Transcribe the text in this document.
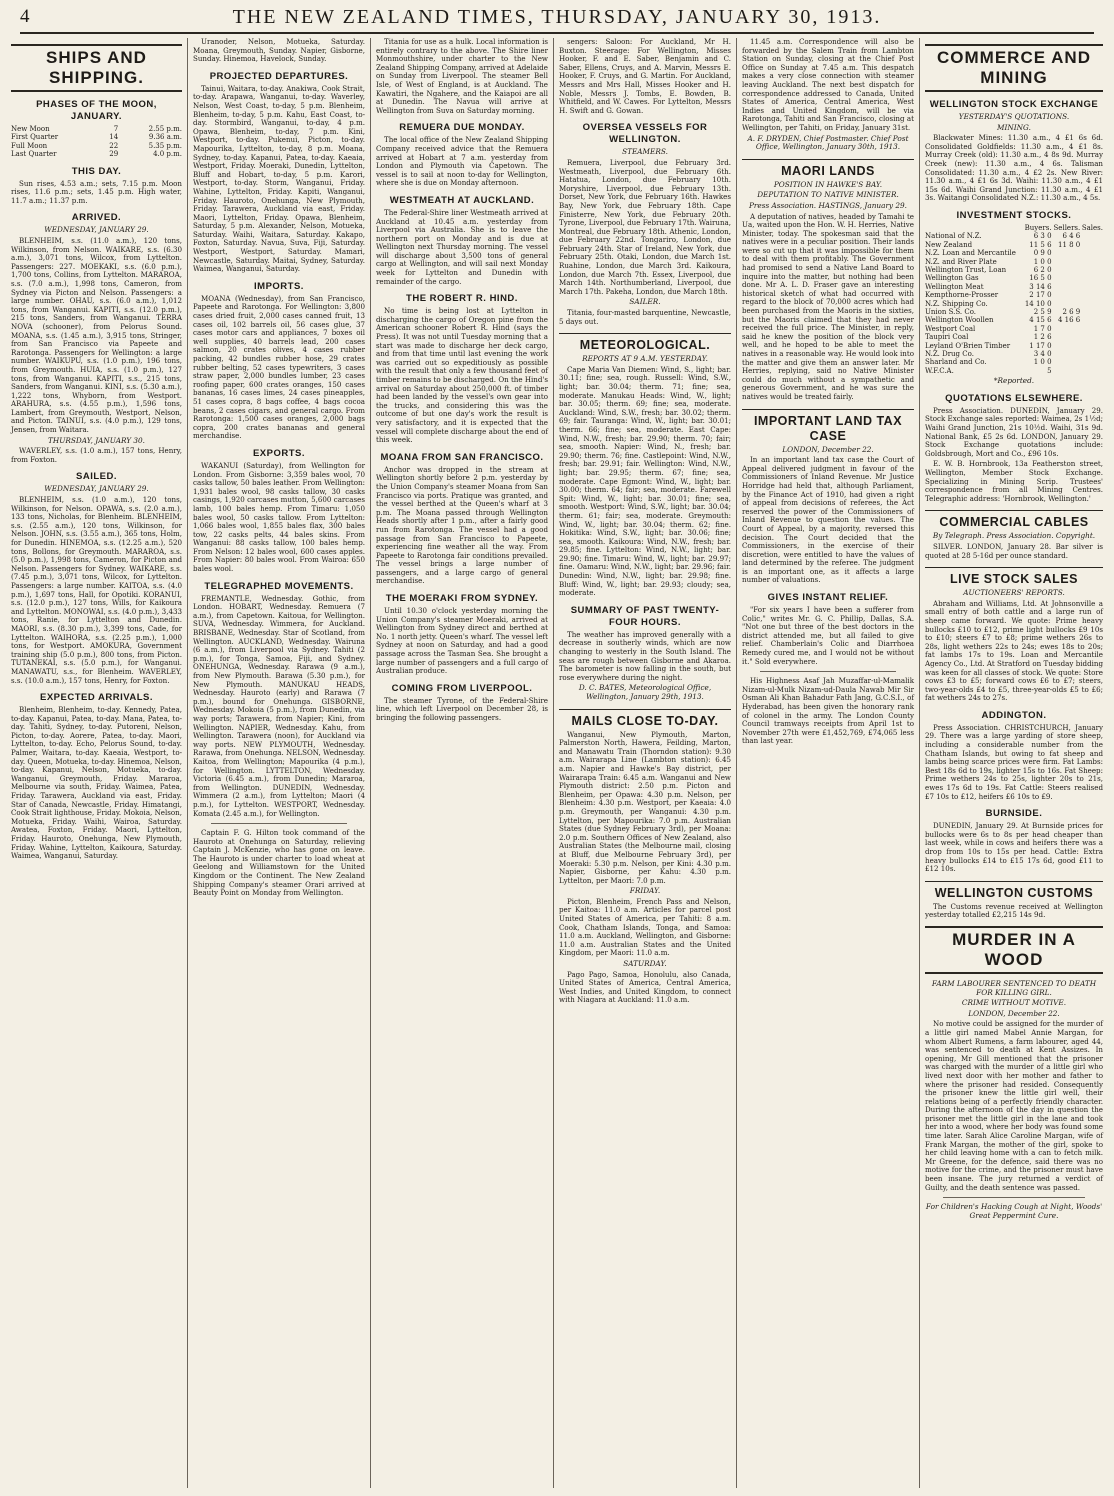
4	THE NEW ZEALAND TIMES, THURSDAY, JANUARY 30, 1913.
SHIPS AND SHIPPING.
PHASES OF THE MOON, JANUARY.
New Moon	7	2.55 p.m.
First Quarter	14	9.36 a.m.
Full Moon	22	5.35 p.m.
Last Quarter	29	4.0 p.m.
THIS DAY.

Sun rises, 4.53 a.m.; sets, 7.15 p.m. Moon rises, 11.6 p.m.; sets, 1.45 p.m. High water, 11.7 a.m.; 11.37 p.m.

ARRIVED.
WEDNESDAY, JANUARY 29.

BLENHEIM, s.s. (11.0 a.m.), 120 tons, Wilkinson, from Nelson. WAIKARE, s.s. (6.30 a.m.), 3,071 tons, Wilcox, from Lyttelton. Passengers: 227. MOEKAKI, s.s. (6.0 p.m.), 1,700 tons, Collins, from Lyttelton. MARAROA, s.s. (7.0 a.m.), 1,998 tons, Cameron, from Sydney via Picton and Nelson. Passengers: a large number. OHAU, s.s. (6.0 a.m.), 1,012 tons, from Wanganui. KAPITI, s.s. (12.0 p.m.), 215 tons, Sanders, from Wanganui. TERRA NOVA (schooner), from Pelorus Sound. MOANA, s.s. (1.45 a.m.), 3,915 tons, Stringer, from San Francisco via Papeete and Rarotonga. Passengers for Wellington: a large number. WAIKUPU, s.s. (1.0 p.m.), 196 tons, from Greymouth. HUIA, s.s. (1.0 p.m.), 127 tons, from Wanganui. KAPITI, s.s., 215 tons, Sanders, from Wanganui. KINI, s.s. (5.30 a.m.), 1,222 tons, Whyborn, from Westport. ARAHURA, s.s. (4.55 p.m.), 1,596 tons, Lambert, from Greymouth, Westport, Nelson, and Picton. TAINUI, s.s. (4.0 p.m.), 129 tons, Jensen, from Waitara.

THURSDAY, JANUARY 30.

WAVERLEY, s.s. (1.0 a.m.), 157 tons, Henry, from Foxton.

SAILED.
WEDNESDAY, JANUARY 29.

BLENHEIM, s.s. (1.0 a.m.), 120 tons, Wilkinson, for Nelson. OPAWA, s.s. (2.0 a.m.), 133 tons, Nicholas, for Blenheim. BLENHEIM, s.s. (2.55 a.m.), 120 tons, Wilkinson, for Nelson. JOHN, s.s. (3.55 a.m.), 365 tons, Holm, for Dunedin. HINEMOA, s.s. (12.25 a.m.), 520 tons, Bollons, for Greymouth. MARAROA, s.s. (5.0 p.m.), 1,998 tons, Cameron, for Picton and Nelson. Passengers for Sydney. WAIKARE, s.s. (7.45 p.m.), 3,071 tons, Wilcox, for Lyttelton. Passengers: a large number. KAITOA, s.s. (4.0 p.m.), 1,697 tons, Hall, for Opotiki. KORANUI, s.s. (12.0 p.m.), 127 tons, Wills, for Kaikoura and Lyttelton. MONOWAI, s.s. (4.0 p.m.), 3,433 tons, Ranie, for Lyttelton and Dunedin. MAORI, s.s. (8.30 p.m.), 3,399 tons, Cade, for Lyttelton. WAIHORA, s.s. (2.25 p.m.), 1,000 tons, for Westport. AMOKURA, Government training ship (5.0 p.m.), 800 tons, from Picton. TUTANEKAI, s.s. (5.0 p.m.), for Wanganui. MANAWATU, s.s., for Blenheim. WAVERLEY, s.s. (10.0 a.m.), 157 tons, Henry, for Foxton.

EXPECTED ARRIVALS.

Blenheim, Blenheim, to-day. Kennedy, Patea, to-day. Kapanui, Patea, to-day. Mana, Patea, to-day. Tahiti, Sydney, to-day. Putoreni, Nelson, Picton, to-day. Aorere, Patea, to-day. Maori, Lyttelton, to-day. Echo, Pelorus Sound, to-day. Palmer, Waitara, to-day. Kaeaia, Westport, to-day. Queen, Motueka, to-day. Hinemoa, Nelson, to-day. Kapanui, Nelson, Motueka, to-day. Wanganui, Greymouth, Friday. Mararoa, Melbourne via south, Friday. Waimea, Patea, Friday. Tarawera, Auckland via east, Friday. Star of Canada, Newcastle, Friday. Himatangi, Cook Strait lighthouse, Friday. Mokoia, Nelson, Motueka, Friday. Waihi, Wairoa, Saturday. Awatea, Foxton, Friday. Maori, Lyttelton, Friday. Hauroto, Onehunga, New Plymouth, Friday. Wahine, Lyttelton, Kaikoura, Saturday. Waimea, Wanganui, Saturday.

Uranoder, Nelson, Motueka, Saturday. Moana, Greymouth, Sunday. Napier, Gisborne, Sunday. Hinemoa, Havelock, Sunday.

PROJECTED DEPARTURES.

Tainui, Waitara, to-day. Anakiwa, Cook Strait, to-day. Arapawa, Wanganui, to-day. Waverley, Nelson, West Coast, to-day, 5 p.m. Blenheim, Blenheim, to-day, 5 p.m. Kahu, East Coast, to-day. Stormbird, Wanganui, to-day, 4 p.m. Opawa, Blenheim, to-day, 7 p.m. Kini, Westport, to-day. Pukenui, Picton, to-day. Mapourika, Lyttelton, to-day, 8 p.m. Moana, Sydney, to-day. Kapanui, Patea, to-day. Kaeaia, Westport, Friday. Moeraki, Dunedin, Lyttelton, Bluff and Hobart, to-day, 5 p.m. Karori, Westport, to-day. Storm, Wanganui, Friday. Wahine, Lyttelton, Friday. Kapiti, Wanganui, Friday. Hauroto, Onehunga, New Plymouth, Friday. Tarawera, Auckland via east, Friday. Maori, Lyttelton, Friday. Opawa, Blenheim, Saturday, 5 p.m. Alexander, Nelson, Motueka, Saturday. Waihi, Waitara, Saturday. Kakapo, Foxton, Saturday. Navua, Suva, Fiji, Saturday. Westport, Westport, Saturday. Mamari, Newcastle, Saturday. Maitai, Sydney, Saturday. Waimea, Wanganui, Saturday.

IMPORTS.

MOANA (Wednesday), from San Francisco, Papeete and Rarotonga. For Wellington: 3,800 cases dried fruit, 2,000 cases canned fruit, 13 cases oil, 102 barrels oil, 56 cases glue, 37 cases motor cars and appliances, 7 boxes oil well supplies, 40 barrels lead, 200 cases salmon, 20 crates olives, 4 cases rubber packing, 42 bundles rubber hose, 29 crates rubber belting, 52 cases typewriters, 3 cases straw paper, 2,000 bundles lumber, 23 cases roofing paper, 600 crates oranges, 150 cases bananas, 16 cases limes, 24 cases pineapples, 51 cases copra, 8 bags coffee, 4 bags cocoa beans, 2 cases cigars, and general cargo. From Rarotonga: 1,500 cases oranges, 2,000 bags copra, 200 crates bananas and general merchandise.

EXPORTS.

WAKANUI (Saturday), from Wellington for London. From Gisborne: 3,359 bales wool, 70 casks tallow, 50 bales leather. From Wellington: 1,931 bales wool, 98 casks tallow, 30 casks casings, 1,920 carcases mutton, 5,600 carcases lamb, 100 bales hemp. From Timaru: 1,050 bales wool, 50 casks tallow. From Lyttelton: 1,066 bales wool, 1,855 bales flax, 300 bales tow, 22 casks pelts, 44 bales skins. From Wanganui: 88 casks tallow, 100 bales hemp. From Nelson: 12 bales wool, 600 cases apples. From Napier: 80 bales wool. From Wairoa: 650 bales wool.

TELEGRAPHED MOVEMENTS.

FREMANTLE, Wednesday. Gothic, from London. HOBART, Wednesday. Remuera (7 a.m.), from Capetown. Kaitoua, for Wellington. SUVA, Wednesday. Wimmera, for Auckland. BRISBANE, Wednesday. Star of Scotland, from Wellington. AUCKLAND, Wednesday. Wairuna (6 a.m.), from Liverpool via Sydney. Tahiti (2 p.m.), for Tonga, Samoa, Fiji, and Sydney. ONEHUNGA, Wednesday. Rarawa (9 a.m.), from New Plymouth. Barawa (5.30 p.m.), for New Plymouth. MANUKAU HEADS, Wednesday. Hauroto (early) and Rarawa (7 p.m.), bound for Onehunga. GISBORNE, Wednesday. Mokoia (5 p.m.), from Dunedin, via way ports; Tarawera, from Napier; Kini, from Wellington. NAPIER, Wednesday. Kahu, from Wellington. Tarawera (noon), for Auckland via way ports. NEW PLYMOUTH, Wednesday. Rarawa, from Onehunga. NELSON, Wednesday. Kaitoa, from Wellington; Mapourika (4 p.m.), for Wellington. LYTTELTON, Wednesday. Victoria (6.45 a.m.), from Dunedin; Mararoa, from Wellington. DUNEDIN, Wednesday. Wimmera (2 a.m.), from Lyttelton; Maori (4 p.m.), for Lyttelton. WESTPORT, Wednesday. Komata (2.45 a.m.), for Wellington.

Captain F. G. Hilton took command of the Hauroto at Onehunga on Saturday, relieving Captain J. McKenzie, who has gone on leave. The Hauroto is under charter to load wheat at Geelong and Williamstown for the United Kingdom or the Continent. The New Zealand Shipping Company's steamer Orari arrived at Beauty Point on Monday from Wellington.

Titania for use as a hulk. Local information is entirely contrary to the above. The Shire liner Monmouthshire, under charter to the New Zealand Shipping Company, arrived at Adelaide on Sunday from Liverpool. The steamer Bell Isle, of West of England, is at Auckland. The Kawatiri, the Ngahere, and the Kaiapoi are all at Dunedin. The Navua will arrive at Wellington from Suva on Saturday morning.

REMUERA DUE MONDAY.

The local office of the New Zealand Shipping Company received advice that the Remuera arrived at Hobart at 7 a.m. yesterday from London and Plymouth via Capetown. The vessel is to sail at noon to-day for Wellington, where she is due on Monday afternoon.

WESTMEATH AT AUCKLAND.

The Federal-Shire liner Westmeath arrived at Auckland at 10.45 a.m. yesterday from Liverpool via Australia. She is to leave the northern port on Monday and is due at Wellington next Thursday morning. The vessel will discharge about 3,500 tons of general cargo at Wellington, and will sail next Monday week for Lyttelton and Dunedin with remainder of the cargo.

THE ROBERT R. HIND.

No time is being lost at Lyttelton in discharging the cargo of Oregon pine from the American schooner Robert R. Hind (says the Press). It was not until Tuesday morning that a start was made to discharge her deck cargo, and from that time until last evening the work was carried out so expeditiously as possible with the result that only a few thousand feet of timber remains to be discharged. On the Hind's arrival on Saturday about 250,000 ft. of timber had been landed by the vessel's own gear into the trucks, and considering this was the outcome of but one day's work the result is very satisfactory, and it is expected that the vessel will complete discharge about the end of this week.

MOANA FROM SAN FRANCISCO.

Anchor was dropped in the stream at Wellington shortly before 2 p.m. yesterday by the Union Company's steamer Moana from San Francisco via ports. Pratique was granted, and the vessel berthed at the Queen's wharf at 3 p.m. The Moana passed through Wellington Heads shortly after 1 p.m., after a fairly good run from Rarotonga. The vessel had a good passage from San Francisco to Papeete, experiencing fine weather all the way. From Papeete to Rarotonga fair conditions prevailed. The vessel brings a large number of passengers, and a large cargo of general merchandise.

THE MOERAKI FROM SYDNEY.

Until 10.30 o'clock yesterday morning the Union Company's steamer Moeraki, arrived at Wellington from Sydney direct and berthed at No. 1 north jetty. Queen's wharf. The vessel left Sydney at noon on Saturday, and had a good passage across the Tasman Sea. She brought a large number of passengers and a full cargo of Australian produce.

COMING FROM LIVERPOOL.

The steamer Tyrone, of the Federal-Shire line, which left Liverpool on December 28, is bringing the following passengers.

sengers: Saloon: For Auckland, Mr H. Buxton. Steerage: For Wellington, Misses Hooker, F. and E. Saber, Benjamin and C. Saber, Ellens, Cruys, and A. Marvin, Messrs E. Hooker, F. Cruys, and G. Martin. For Auckland, Messrs and Mrs Hall, Misses Hooker and H. Noble, Messrs J. Tombs, E. Bowden, B. Whitfield, and W. Cawes. For Lyttelton, Messrs H. Swift and G. Gowan.

OVERSEA VESSELS FOR WELLINGTON.
STEAMERS.

Remuera, Liverpool, due February 3rd. Westmeath, Liverpool, due February 6th. Hatatua, London, due February 10th. Moryshire, Liverpool, due February 13th. Dorset, New York, due February 16th. Hawkes Bay, New York, due February 18th. Cape Finisterre, New York, due February 20th. Tyrone, Liverpool, due February 17th. Wairuna, Montreal, due February 18th. Athenic, London, due February 22nd. Tongariro, London, due February 24th. Star of Ireland, New York, due February 25th. Otaki, London, due March 1st. Ruahine, London, due March 3rd. Kaikoura, London, due March 7th. Essex, Liverpool, due March 14th. Northumberland, Liverpool, due March 17th. Pakeha, London, due March 18th.

SAILER.

Titania, four-masted barquentine, Newcastle, 5 days out.

METEOROLOGICAL.
REPORTS AT 9 A.M. YESTERDAY.

Cape Maria Van Diemen: Wind, S., light; bar. 30.11; fine; sea, rough. Russell: Wind, S.W., light; bar. 30.04; therm. 71; fine; sea, moderate. Manukau Heads: Wind, W., light; bar. 30.05; therm. 69; fine; sea, moderate. Auckland: Wind, S.W., fresh; bar. 30.02; therm. 69; fair. Tauranga: Wind, W., light; bar. 30.01; therm. 66; fine; sea, moderate. East Cape: Wind, N.W., fresh; bar. 29.90; therm. 70; fair; sea, smooth. Napier: Wind, N., fresh; bar. 29.90; therm. 76; fine. Castlepoint: Wind, N.W., fresh; bar. 29.91; fair. Wellington: Wind, N.W., light; bar. 29.95; therm. 67; fine; sea, moderate. Cape Egmont: Wind, W., light; bar. 30.00; therm. 64; fair; sea, moderate. Farewell Spit: Wind, W., light; bar. 30.01; fine; sea, smooth. Westport: Wind, S.W., light; bar. 30.04; therm. 61; fair; sea, moderate. Greymouth: Wind, W., light; bar. 30.04; therm. 62; fine. Hokitika: Wind, S.W., light; bar. 30.06; fine; sea, smooth. Kaikoura: Wind, N.W., fresh; bar. 29.85; fine. Lyttelton: Wind, N.W., light; bar. 29.90; fine. Timaru: Wind, W., light; bar. 29.97; fine. Oamaru: Wind, N.W., light; bar. 29.96; fair. Dunedin: Wind, N.W., light; bar. 29.98; fine. Bluff: Wind, W., light; bar. 29.93; cloudy; sea, moderate.

SUMMARY OF PAST TWENTY-FOUR HOURS.

The weather has improved generally with a decrease in southerly winds, which are now changing to westerly in the South Island. The seas are rough between Gisborne and Akaroa. The barometer is now falling in the south, but rose everywhere during the night.

D. C. BATES, Meteorological Office, Wellington, January 29th, 1913.
MAILS CLOSE TO-DAY.

Wanganui, New Plymouth, Marton, Palmerston North, Hawera, Feilding, Marton, and Manawatu Train (Thorndon station): 9.30 a.m. Wairarapa Line (Lambton station): 6.45 a.m. Napier and Hawke's Bay district, per Wairarapa Train: 6.45 a.m. Wanganui and New Plymouth district: 2.50 p.m. Picton and Blenheim, per Opawa: 4.30 p.m. Nelson, per Blenheim: 4.30 p.m. Westport, per Kaeaia: 4.0 p.m. Greymouth, per Wanganui: 4.30 p.m. Lyttelton, per Mapourika: 7.0 p.m. Australian States (due Sydney February 3rd), per Moana: 2.0 p.m. Southern Offices of New Zealand, also Australian States (the Melbourne mail, closing at Bluff, due Melbourne February 3rd), per Moeraki: 5.30 p.m. Nelson, per Kini: 4.30 p.m. Napier, Gisborne, per Kahu: 4.30 p.m. Lyttelton, per Maori: 7.0 p.m.

FRIDAY.

Picton, Blenheim, French Pass and Nelson, per Kaitoa: 11.0 a.m. Articles for parcel post United States of America, per Tahiti: 8 a.m. Cook, Chatham Islands, Tonga, and Samoa: 11.0 a.m. Auckland, Wellington, and Gisborne: 11.0 a.m. Australian States and the United Kingdom, per Maori: 11.0 a.m.

SATURDAY.

Pago Pago, Samoa, Honolulu, also Canada, United States of America, Central America, West Indies, and United Kingdom, to connect with Niagara at Auckland: 11.0 a.m.

11.45 a.m. Correspondence will also be forwarded by the Salem Train from Lambton Station on Sunday, closing at the Chief Post Office on Sunday at 7.45 a.m. This despatch makes a very close connection with steamer leaving Auckland. The next best dispatch for correspondence addressed to Canada, United States of America, Central America, West Indies and United Kingdom, will be via Rarotonga, Tahiti and San Francisco, closing at Wellington, per Tahiti, on Friday, January 31st.

A. F. DRYDEN, Chief Postmaster. Chief Post Office, Wellington, January 30th, 1913.
MAORI LANDS
POSITION IN HAWKE'S BAY.
DEPUTATION TO NATIVE MINISTER.
Press Association. HASTINGS, January 29.

A deputation of natives, headed by Tamahi te Ua, waited upon the Hon. W. H. Herries, Native Minister, today. The spokesman said that the natives were in a peculiar position. Their lands were so cut up that it was impossible for them to deal with them profitably. The Government had promised to send a Native Land Board to inquire into the matter, but nothing had been done. Mr A. L. D. Fraser gave an interesting historical sketch of what had occurred with regard to the block of 70,000 acres which had been purchased from the Maoris in the sixties, but the Maoris claimed that they had never received the full price. The Minister, in reply, said he knew the position of the block very well, and he hoped to be able to meet the natives in a reasonable way. He would look into the matter and give them an answer later. Mr Herries, replying, said no Native Minister could do much without a sympathetic and generous Government, and he was sure the natives would be treated fairly.

IMPORTANT LAND TAX CASE
LONDON, December 22.

In an important land tax case the Court of Appeal delivered judgment in favour of the Commissioners of Inland Revenue. Mr Justice Horridge had held that, although Parliament, by the Finance Act of 1910, had given a right of appeal from decisions of referees, the Act reserved the power of the Commissioners of Inland Revenue to question the values. The Court of Appeal, by a majority, reversed this decision. The Court decided that the Commissioners, in the exercise of their discretion, were entitled to have the values of land determined by the referee. The judgment is an important one, as it affects a large number of valuations.

GIVES INSTANT RELIEF.

"For six years I have been a sufferer from Colic," writes Mr. G. C. Phillip, Dallas, S.A. "Not one but three of the best doctors in the district attended me, but all failed to give relief. Chamberlain's Colic and Diarrhoea Remedy cured me, and I would not be without it." Sold everywhere.

His Highness Asaf Jah Muzaffar-ul-Mamalik Nizam-ul-Mulk Nizam-ud-Daula Nawab Mir Sir Osman Ali Khan Bahadur Fath Jang, G.C.S.I., of Hyderabad, has been given the honorary rank of colonel in the army. The London County Council tramways receipts from April 1st to November 27th were £1,452,769, £74,065 less than last year.

COMMERCE AND MINING
WELLINGTON STOCK EXCHANGE
YESTERDAY'S QUOTATIONS.
MINING.

Blackwater Mines: 11.30 a.m., 4 £1 6s 6d. Consolidated Goldfields: 11.30 a.m., 4 £1 8s. Murray Creek (old): 11.30 a.m., 4 8s 9d. Murray Creek (new): 11.30 a.m., 4 6s. Talisman Consolidated: 11.30 a.m., 4 £2 2s. New River: 11.30 a.m., 4 £1 6s 3d. Waihi: 11.30 a.m., 4 £1 15s 6d. Waihi Grand Junction: 11.30 a.m., 4 £1 3s. Waitangi Consolidated N.Z.: 11.30 a.m., 4 5s.

INVESTMENT STOCKS.
	Buyers.	Sellers.	Sales.
National of N.Z.	6 3 0	6 4 6	
New Zealand	11 5 6	11 8 0	
N.Z. Loan and Mercantile	0 9 0		
N.Z. and River Plate	1 0 0		
Wellington Trust, Loan	6 2 0		
Wellington Gas	16 5 0		
Wellington Meat	3 14 6		
Kempthorne-Prosser	2 17 0		
N.Z. Shipping Co.	14 10 0		
Union S.S. Co.	2 5 9	2 6 9	
Wellington Woollen	4 15 6	4 16 6	
Westport Coal	1 7 0		
Taupiri Coal	1 2 6		
Leyland O'Brien Timber	1 17 0		
N.Z. Drug Co.	3 4 0		
Sharland and Co.	1 0 0		
W.F.C.A.	5		
*Reported.
QUOTATIONS ELSEWHERE.

Press Association. DUNEDIN, January 29. Stock Exchange sales reported: Waimea, 2s 1½d; Waihi Grand Junction, 21s 10½d. Waihi, 31s 9d. National Bank, £5 2s 6d. LONDON, January 29. Stock Exchange quotations include: Goldsbrough, Mort and Co., £96 10s.

E. W. B. Hornbrook, 13a Featherston street, Wellington, Member Stock Exchange. Specializing in Mining Scrip. Trustees' correspondence from all Mining Centres. Telegraphic address: 'Hornbrook, Wellington.'

COMMERCIAL CABLES
By Telegraph. Press Association. Copyright.

SILVER. LONDON, January 28. Bar silver is quoted at 28 5-16d per ounce standard.

LIVE STOCK SALES
AUCTIONEERS' REPORTS.

Abraham and Williams, Ltd. At Johnsonville a small entry of both cattle and a large run of sheep came forward. We quote: Prime heavy bullocks £10 to £12, prime light bullocks £9 10s to £10; steers £7 to £8; prime wethers 26s to 28s, light wethers 22s to 24s; ewes 18s to 20s; fat lambs 17s to 19s. Loan and Mercantile Agency Co., Ltd. At Stratford on Tuesday bidding was keen for all classes of stock. We quote: Store cows £3 to £5; forward cows £6 to £7; steers, two-year-olds £4 to £5, three-year-olds £5 to £6; fat wethers 24s to 27s.

ADDINGTON.

Press Association. CHRISTCHURCH, January 29. There was a large yarding of store sheep, including a considerable number from the Chatham Islands, but owing to fat sheep and lambs being scarce prices were firm. Fat Lambs: Best 18s 6d to 19s, lighter 15s to 16s. Fat Sheep: Prime wethers 24s to 25s, lighter 20s to 21s, ewes 17s 6d to 19s. Fat Cattle: Steers realised £7 10s to £12, heifers £6 10s to £9.

BURNSIDE.

DUNEDIN, January 29. At Burnside prices for bullocks were 6s to 8s per head cheaper than last week, while in cows and heifers there was a drop from 10s to 15s per head. Cattle: Extra heavy bullocks £14 to £15 17s 6d, good £11 to £12 10s.

WELLINGTON CUSTOMS

The Customs revenue received at Wellington yesterday totalled £2,215 14s 9d.

MURDER IN A WOOD
FARM LABOURER SENTENCED TO DEATH FOR KILLING GIRL.
CRIME WITHOUT MOTIVE.
LONDON, December 22.

No motive could be assigned for the murder of a little girl named Mabel Annie Margan, for whom Albert Rumens, a farm labourer, aged 44, was sentenced to death at Kent Assizes. In opening, Mr Gill mentioned that the prisoner was charged with the murder of a little girl who lived next door with her mother and father to where the prisoner had resided. Consequently the prisoner knew the little girl well, their relations being of a perfectly friendly character. During the afternoon of the day in question the prisoner met the little girl in the lane and took her into a wood, where her body was found some time later. Sarah Alice Caroline Margan, wife of Frank Margan, the mother of the girl, spoke to her child leaving home with a can to fetch milk. Mr Greene, for the defence, said there was no motive for the crime, and the prisoner must have been insane. The jury returned a verdict of Guilty, and the death sentence was passed.

For Children's Hacking Cough at Night, Woods' Great Peppermint Cure.
